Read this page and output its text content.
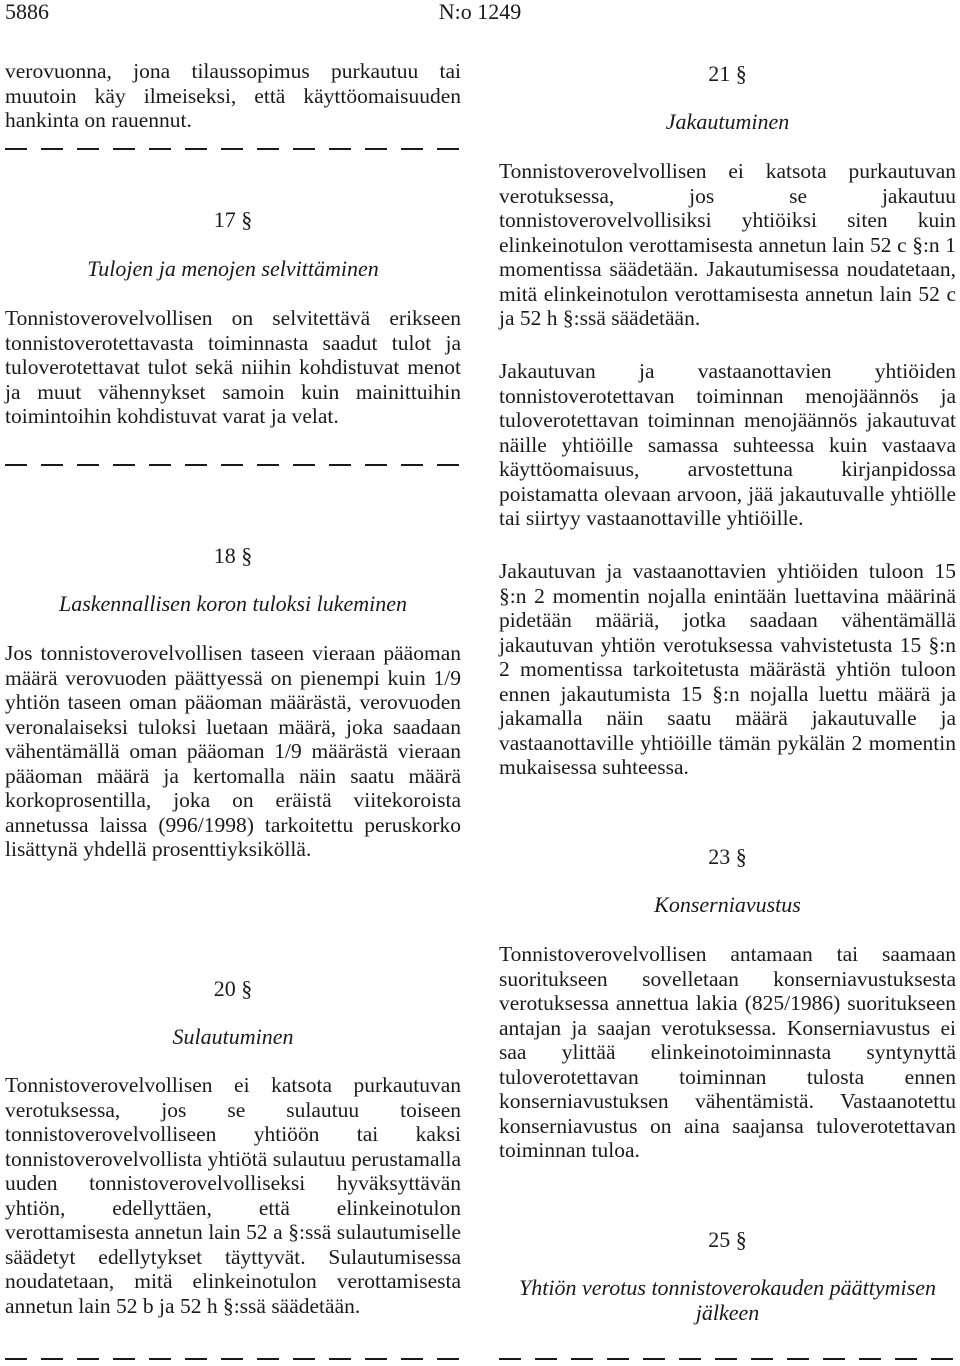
5886	N:o 1249
verovuonna, jona tilaussopimus purkautuu tai muutoin käy ilmeiseksi, että käyttöomaisuuden hankinta on rauennut.
17 §
Tulojen ja menojen selvittäminen
Tonnistoverovelvollisen on selvitettävä erikseen tonnistoverotettavasta toiminnasta saadut tulot ja tuloverotettavat tulot sekä niihin kohdistuvat menot ja muut vähennykset samoin kuin mainittuihin toimintoihin kohdistuvat varat ja velat.
18 §
Laskennallisen koron tuloksi lukeminen
Jos tonnistoverovelvollisen taseen vieraan pääoman määrä verovuoden päättyessä on pienempi kuin 1/9 yhtiön taseen oman pääoman määrästä, verovuoden veronalaiseksi tuloksi luetaan määrä, joka saadaan vähentämällä oman pääoman 1/9 määrästä vieraan pääoman määrä ja kertomalla näin saatu määrä korkoprosentilla, joka on eräistä viitekoroista annetussa laissa (996/1998) tarkoitettu peruskorko lisättynä yhdellä prosenttiyksiköllä.
20 §
Sulautuminen
Tonnistoverovelvollisen ei katsota purkautuvan verotuksessa, jos se sulautuu toiseen tonnistoverovelvolliseen yhtiöön tai kaksi tonnistoverovelvollista yhtiötä sulautuu perustamalla uuden tonnistoverovelvolliseksi hyväksyttävän yhtiön, edellyttäen, että elinkeinotulon verottamisesta annetun lain 52 a §:ssä sulautumiselle säädetyt edellytykset täyttyvät. Sulautumisessa noudatetaan, mitä elinkeinotulon verottamisesta annetun lain 52 b ja 52 h §:ssä säädetään.
21 §
Jakautuminen
Tonnistoverovelvollisen ei katsota purkautuvan verotuksessa, jos se jakautuu tonnistoverovelvollisiksi yhtiöiksi siten kuin elinkeinotulon verottamisesta annetun lain 52 c §:n 1 momentissa säädetään. Jakautumisessa noudatetaan, mitä elinkeinotulon verottamisesta annetun lain 52 c ja 52 h §:ssä säädetään.
Jakautuvan ja vastaanottavien yhtiöiden tonnistoverotettavan toiminnan menojäännös ja tuloverotettavan toiminnan menojäännös jakautuvat näille yhtiöille samassa suhteessa kuin vastaava käyttöomaisuus, arvostettuna kirjanpidossa poistamatta olevaan arvoon, jää jakautuvalle yhtiölle tai siirtyy vastaanottaville yhtiöille.
Jakautuvan ja vastaanottavien yhtiöiden tuloon 15 §:n 2 momentin nojalla enintään luettavina määrinä pidetään määriä, jotka saadaan vähentämällä jakautuvan yhtiön verotuksessa vahvistetusta 15 §:n 2 momentissa tarkoitetusta määrästä yhtiön tuloon ennen jakautumista 15 §:n nojalla luettu määrä ja jakamalla näin saatu määrä jakautuvalle ja vastaanottaville yhtiöille tämän pykälän 2 momentin mukaisessa suhteessa.
23 §
Konserniavustus
Tonnistoverovelvollisen antamaan tai saamaan suoritukseen sovelletaan konserniavustuksesta verotuksessa annettua lakia (825/1986) suoritukseen antajan ja saajan verotuksessa. Konserniavustus ei saa ylittää elinkeinotoiminnasta syntynyttä tuloverotettavan toiminnan tulosta ennen konserniavustuksen vähentämistä. Vastaanotettu konserniavustus on aina saajansa tuloverotettavan toiminnan tuloa.
25 §
Yhtiön verotus tonnistoverokauden päättymisen jälkeen
